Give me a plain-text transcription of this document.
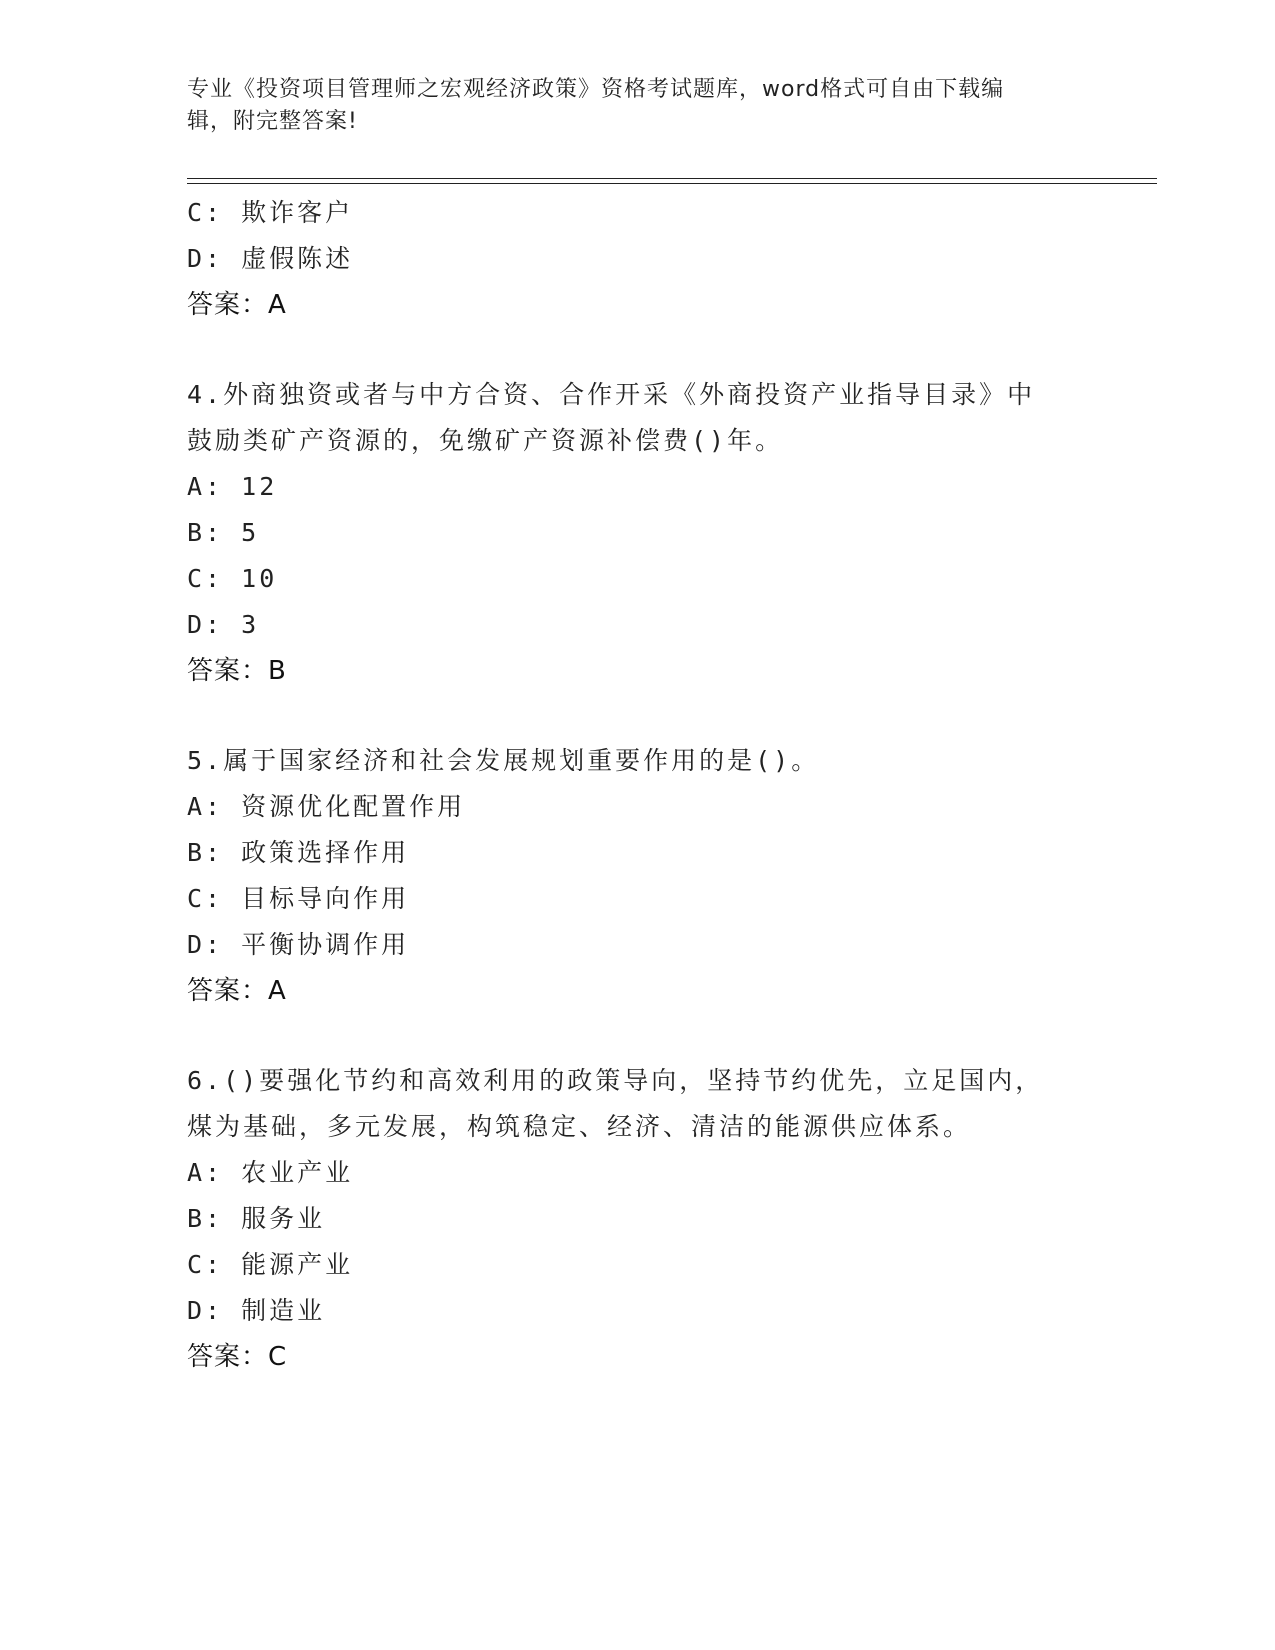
专业《投资项目管理师之宏观经济政策》资格考试题库，word格式可自由下载编
辑，附完整答案!
C: 欺诈客户
D: 虚假陈述
答案：A
4.外商独资或者与中方合资、合作开采《外商投资产业指导目录》中
鼓励类矿产资源的，免缴矿产资源补偿费()年。
A: 12
B: 5
C: 10
D: 3
答案：B
5.属于国家经济和社会发展规划重要作用的是()。
A: 资源优化配置作用
B: 政策选择作用
C: 目标导向作用
D: 平衡协调作用
答案：A
6.()要强化节约和高效利用的政策导向，坚持节约优先，立足国内，
煤为基础，多元发展，构筑稳定、经济、清洁的能源供应体系。
A: 农业产业
B: 服务业
C: 能源产业
D: 制造业
答案：C
